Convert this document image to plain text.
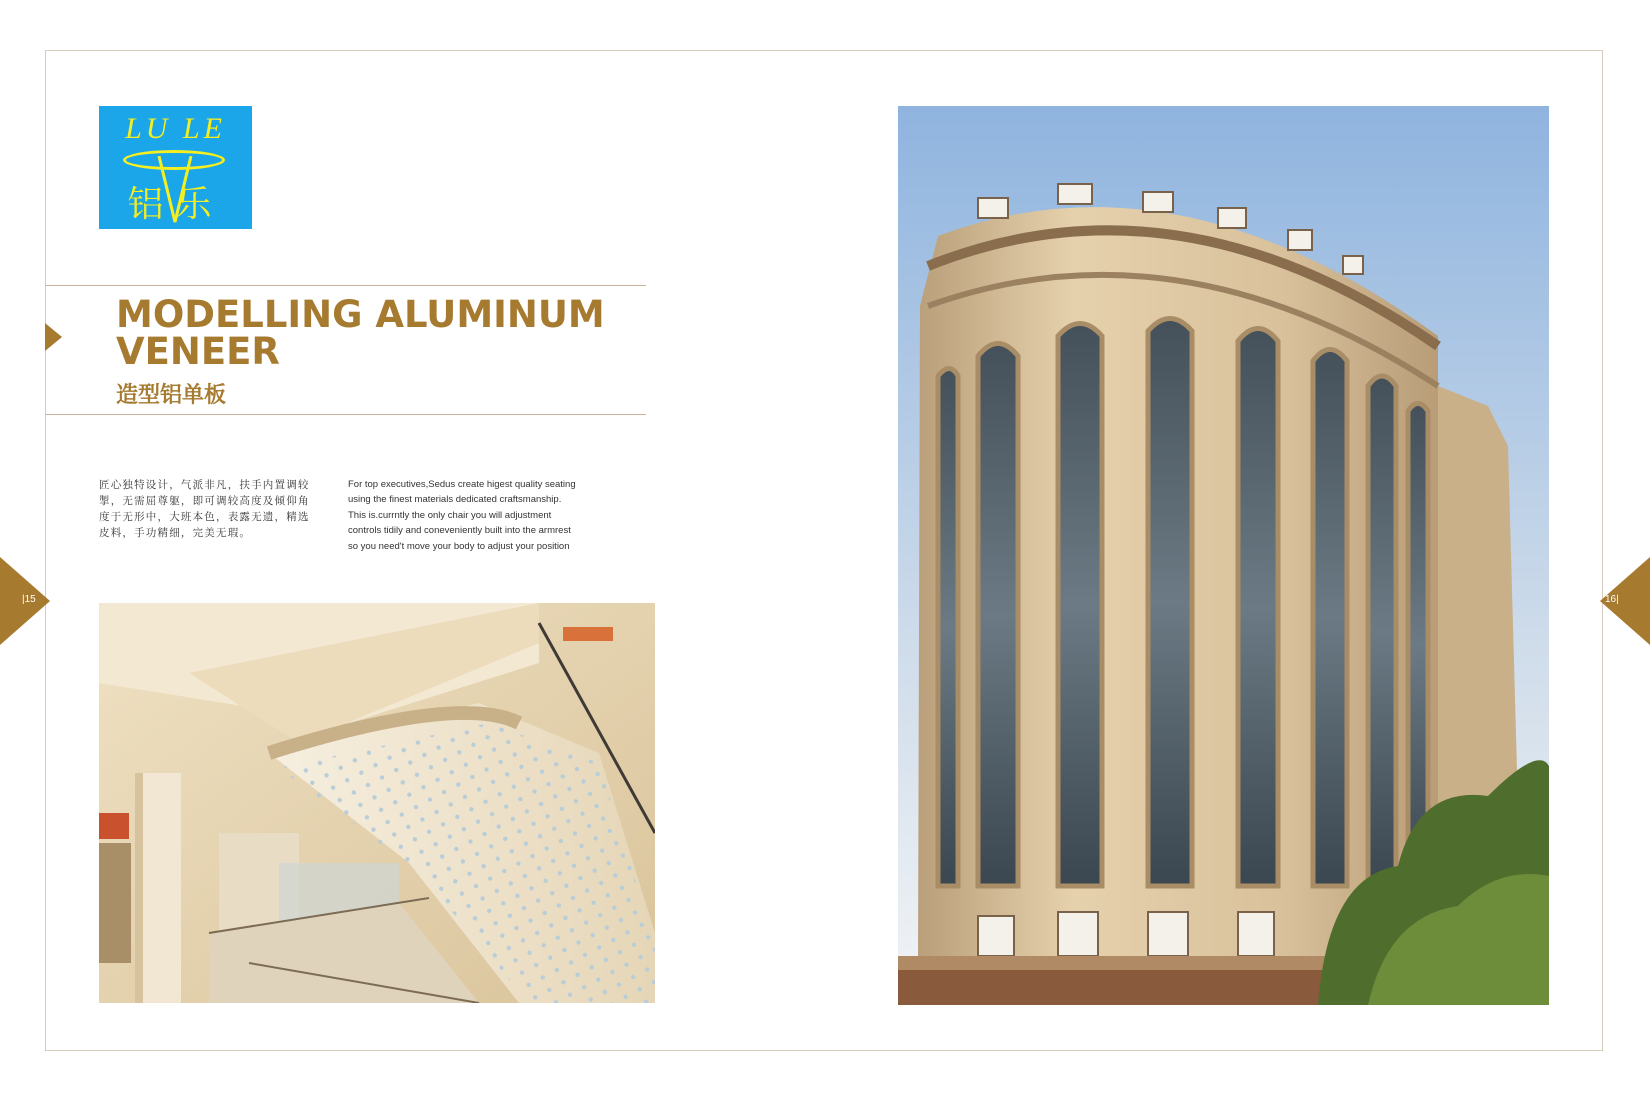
LU LE
铝乐
MODELLING ALUMINUM
VENEER
造型铝单板
匠心独特设计，气派非凡，扶手内置调较
掣，无需屈尊躯，即可调较高度及倾仰角
度于无形中，大班本色，表露无遗，精选
皮料，手功精细，完美无瑕。
For top executives,Sedus create higest quality seating
using the finest materials dedicated craftsmanship.
This is.currntly the only chair you will adjustment
controls tidily and coneveniently built into the armrest
so you need't move your body to adjust your position
|15	16|
